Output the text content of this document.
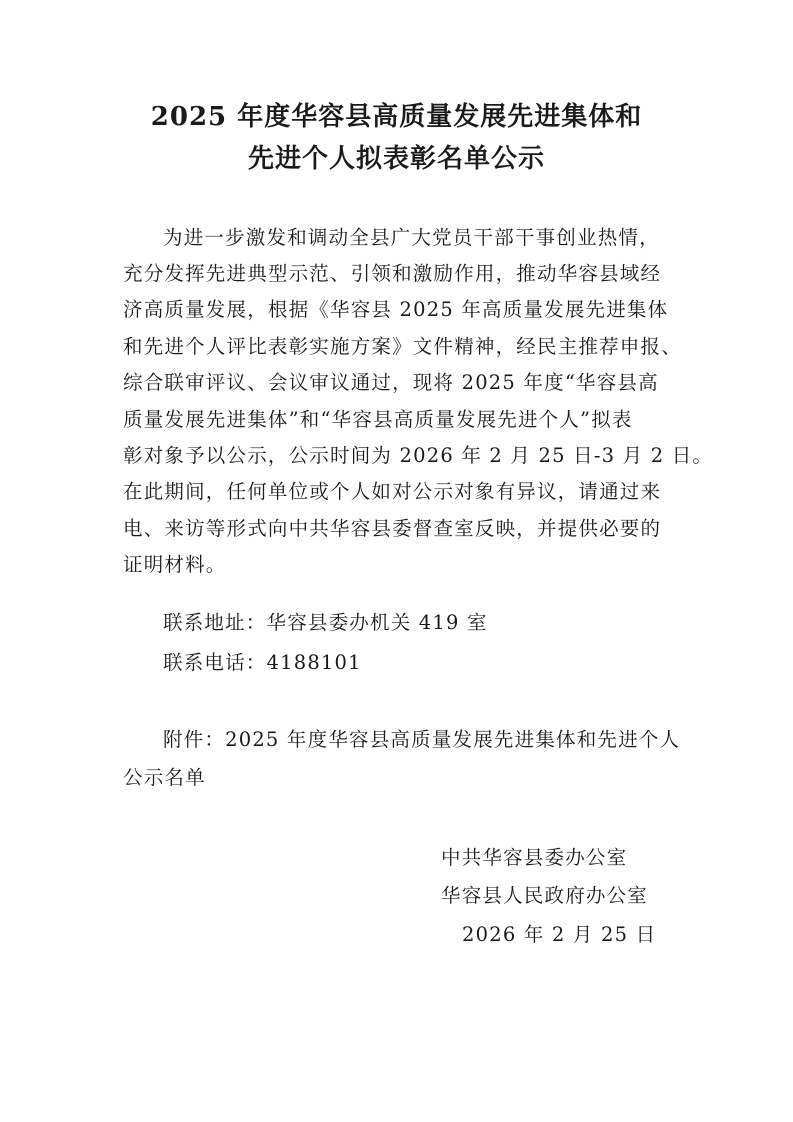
2025 年度华容县高质量发展先进集体和
先进个人拟表彰名单公示
为进一步激发和调动全县广大党员干部干事创业热情，
充分发挥先进典型示范、引领和激励作用，推动华容县域经
济高质量发展，根据《华容县 2025 年高质量发展先进集体
和先进个人评比表彰实施方案》文件精神，经民主推荐申报、
综合联审评议、会议审议通过，现将 2025 年度“华容县高
质量发展先进集体”和“华容县高质量发展先进个人”拟表
彰对象予以公示，公示时间为 2026 年 2 月 25 日-3 月 2 日。
在此期间，任何单位或个人如对公示对象有异议，请通过来
电、来访等形式向中共华容县委督查室反映，并提供必要的
证明材料。
联系地址：华容县委办机关 419 室
联系电话：4188101
附件：2025 年度华容县高质量发展先进集体和先进个人
公示名单
中共华容县委办公室
华容县人民政府办公室
2026 年 2 月 25 日
